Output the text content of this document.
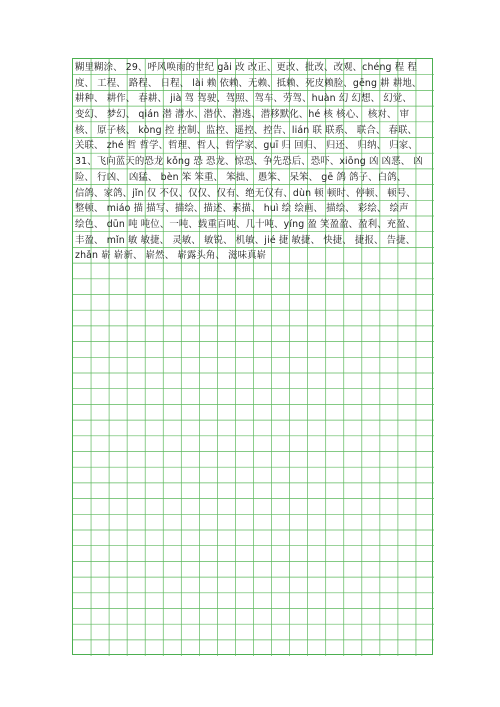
糊里糊涂、 29、呼风唤雨的世纪 gǎi 改 改正、更改、批改、改观、chéng 程 程
度、 工程、 路程、 日程、 lài 赖 依赖、无赖、抵赖、死皮赖脸、gēng 耕 耕地、
耕种、 耕作、 春耕、 jià 驾 驾驶、驾照、驾车、劳驾、huàn 幻 幻想、 幻觉、
变幻、 梦幻、 qián 潜 潜水、潜伏、潜逃、潜移默化、hé 核 核心、 核对、 审
核、 原子核、 kòng 控 控制、监控、遥控、控告、lián 联 联系、 联合、 春联、
关联、 zhé 哲 哲学、哲理、哲人、哲学家、guī 归 回归、 归还、 归纳、 归家、
31、飞向蓝天的恐龙 kǒng 恐 恐龙、惊恐、争先恐后、恐吓、xiōng 凶 凶恶、 凶
险、 行凶、 凶猛、 bèn 笨 笨重、 笨拙、 愚笨、 呆笨、 gē 鸽 鸽子、白鸽、
信鸽、家鸽、jǐn 仅 不仅、仅仅、仅有、绝无仅有、dùn 顿 顿时、停顿、 顿号、
整顿、 miáo 描 描写、描绘、描述、素描、 huì 绘 绘画、 描绘、 彩绘、 绘声
绘色、 dūn 吨 吨位、一吨、载重百吨、几十吨、yíng 盈 笑盈盈、盈利、充盈、
丰盈、 mǐn 敏 敏捷、 灵敏、 敏锐、 机敏、jié 捷 敏捷、 快捷、 捷报、 告捷、
zhǎn 崭 崭新、 崭然、 崭露头角、 滋味真崭
